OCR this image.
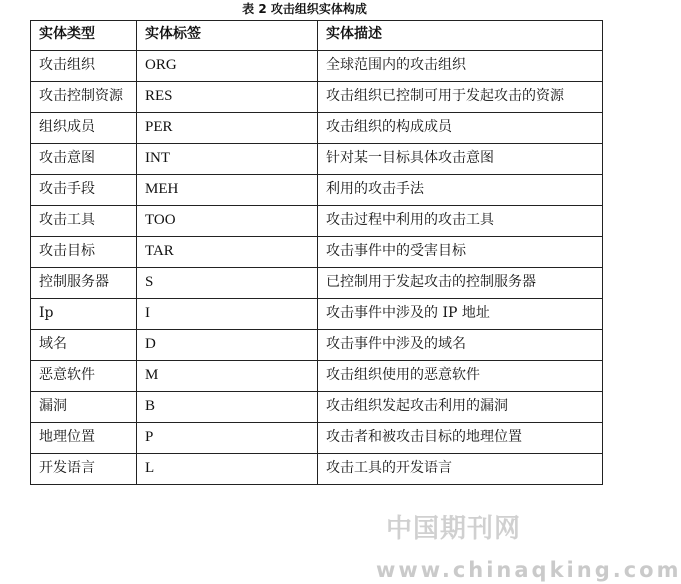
表 2 攻击组织实体构成
实体类型	实体标签	实体描述
攻击组织	ORG	全球范围内的攻击组织
攻击控制资源	RES	攻击组织已控制可用于发起攻击的资源
组织成员	PER	攻击组织的构成成员
攻击意图	INT	针对某一目标具体攻击意图
攻击手段	MEH	利用的攻击手法
攻击工具	TOO	攻击过程中利用的攻击工具
攻击目标	TAR	攻击事件中的受害目标
控制服务器	S	已控制用于发起攻击的控制服务器
Ip	I	攻击事件中涉及的 IP 地址
域名	D	攻击事件中涉及的域名
恶意软件	M	攻击组织使用的恶意软件
漏洞	B	攻击组织发起攻击利用的漏洞
地理位置	P	攻击者和被攻击目标的地理位置
开发语言	L	攻击工具的开发语言
中国期刊网
www.chinaqking.com
